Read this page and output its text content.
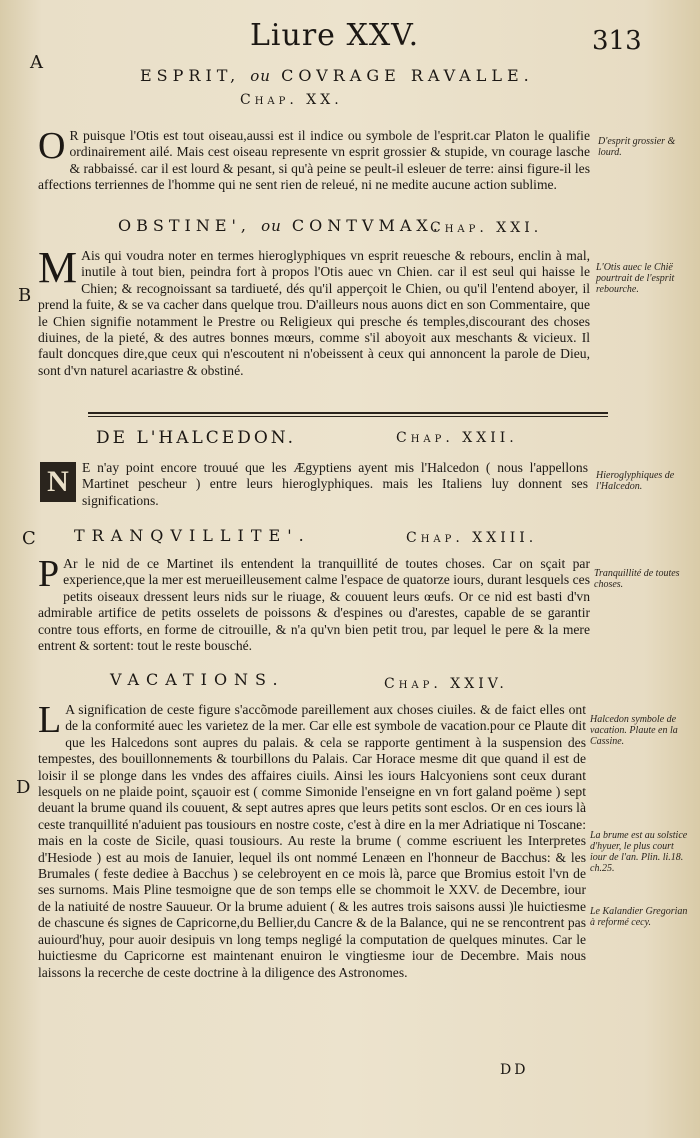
Liure XXV.	313
A
B
C
D
ESPRIT, ou COVRAGE RAVALLE.
Chap. XX.
O R puisque l'Otis est tout oiseau,aussi est il indice ou symbole de l'esprit.car Platon le qualifie ordinairement ailé. Mais cest oiseau represente vn esprit grossier & stupide, vn courage lasche & rabbaissé. car il est lourd & pesant, si qu'à peine se peult-il esleuer de terre: ainsi figure-il les affections terriennes de l'homme qui ne sent rien de releué, ni ne medite aucune action sublime.
D'esprit grossier & lourd.
OBSTINE', ou CONTVMAX.
Chap. XXI.
M Ais qui voudra noter en termes hieroglyphiques vn esprit reuesche & rebours, enclin à mal, inutile à tout bien, peindra fort à propos l'Otis auec vn Chien. car il est seul qui haisse le Chien; & recognoissant sa tardiueté, dés qu'il apperçoit le Chien, ou qu'il l'entend aboyer, il prend la fuite, & se va cacher dans quelque trou. D'ailleurs nous auons dict en son Commentaire, que le Chien signifie notamment le Prestre ou Religieux qui presche és temples,discourant des choses diuines, de la pieté, & des autres bonnes mœurs, comme s'il aboyoit aux meschants & vicieux. Il fault doncques dire,que ceux qui n'escoutent ni n'obeissent à ceux qui annoncent la parole de Dieu, sont d'vn naturel acariastre & obstiné.
L'Otis auec le Chië pourtrait de l'esprit rebourche.
DE L'HALCEDON.	Chap. XXII.
N E n'ay point encore trouué que les Ægyptiens ayent mis l'Halcedon ( nous l'appellons Martinet pescheur ) entre leurs hieroglyphiques. mais les Italiens luy donnent ses significations.
Hieroglyphiques de l'Halcedon.
TRANQVILLITE'.	Chap. XXIII.
P Ar le nid de ce Martinet ils entendent la tranquillité de toutes choses. Car on sçait par experience,que la mer est merueilleusement calme l'espace de quatorze iours, durant lesquels ces petits oiseaux dressent leurs nids sur le riuage, & couuent leurs œufs. Or ce nid est basti d'vn admirable artifice de petits osselets de poissons & d'espines ou d'arestes, capable de se garantir contre tous efforts, en forme de citrouille, & n'a qu'vn bien petit trou, par lequel le pere & la mere entrent & sortent: tout le reste bousché.
Tranquillité de toutes choses.
VACATIONS.	Chap. XXIV.
L A signification de ceste figure s'accõmode pareillement aux choses ciuiles. & de faict elles ont de la conformité auec les varietez de la mer. Car elle est symbole de vacation.pour ce Plaute dit que les Halcedons sont aupres du palais. & cela se rapporte gentiment à la suspension des tempestes, des bouillonnements & tourbillons du Palais. Car Horace mesme dit que quand il est de loisir il se plonge dans les vndes des affaires ciuils. Ainsi les iours Halcyoniens sont ceux durant lesquels on ne plaide point, sçauoir est ( comme Simonide l'enseigne en vn fort galand poëme ) sept deuant la brume quand ils couuent, & sept autres apres que leurs petits sont esclos. Or en ces iours là ceste tranquillité n'aduient pas tousiours en nostre coste, c'est à dire en la mer Adriatique ni Toscane: mais en la coste de Sicile, quasi tousiours. Au reste la brume ( comme escriuent les Interpretes d'Hesiode ) est au mois de Ianuier, lequel ils ont nommé Lenæen en l'honneur de Bacchus: & les Brumales ( feste dediee à Bacchus ) se celebroyent en ce mois là, parce que Bromius estoit l'vn de ses surnoms. Mais Pline tesmoigne que de son temps elle se chommoit le XXV. de Decembre, iour de la natiuité de nostre Sauueur. Or la brume aduient ( & les autres trois saisons aussi )le huictiesme de chascune és signes de Capricorne,du Bellier,du Cancre & de la Balance, qui ne se rencontrent pas auiourd'huy, pour auoir desipuis vn long temps negligé la computation de quelques minutes. Car le huictiesme du Capricorne est maintenant enuiron le vingtiesme iour de Decembre. Mais nous laissons la recerche de ceste doctrine à la diligence des Astronomes.
Halcedon symbole de vacation. Plaute en la Cassine.
La brume est au solstice d'hyuer, le plus court iour de l'an. Plin. li.18. ch.25.
Le Kalandier Gregorian à reformé cecy.
DD
